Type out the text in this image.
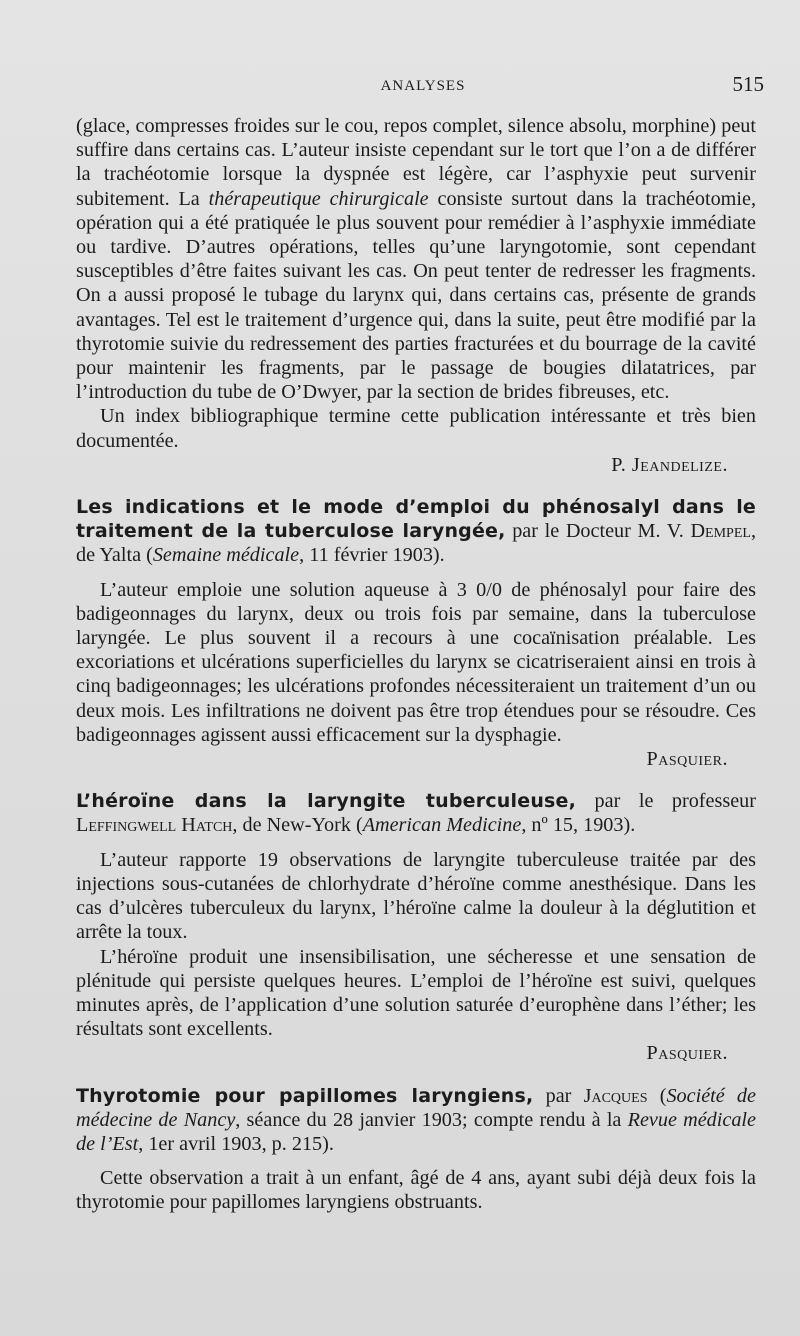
ANALYSES	515

(glace, compresses froides sur le cou, repos complet, silence absolu, morphine) peut suffire dans certains cas. L’auteur insiste cependant sur le tort que l’on a de différer la trachéotomie lorsque la dyspnée est légère, car l’asphyxie peut survenir subitement. La thérapeutique chirurgicale consiste surtout dans la trachéotomie, opération qui a été pratiquée le plus souvent pour remédier à l’asphyxie immédiate ou tardive. D’autres opérations, telles qu’une laryngotomie, sont cependant susceptibles d’être faites suivant les cas. On peut tenter de redresser les fragments. On a aussi proposé le tubage du larynx qui, dans certains cas, présente de grands avantages. Tel est le traitement d’urgence qui, dans la suite, peut être modifié par la thyrotomie suivie du redressement des parties fracturées et du bourrage de la cavité pour maintenir les fragments, par le passage de bougies dilatatrices, par l’introduction du tube de O’Dwyer, par la section de brides fibreuses, etc.

Un index bibliographique termine cette publication intéressante et très bien documentée.

P. Jeandelize.

Les indications et le mode d’emploi du phénosalyl dans le traitement de la tuberculose laryngée, par le Docteur M. V. Dempel, de Yalta (Semaine médicale, 11 février 1903).

L’auteur emploie une solution aqueuse à 3 0/0 de phénosalyl pour faire des badigeonnages du larynx, deux ou trois fois par semaine, dans la tuberculose laryngée. Le plus souvent il a recours à une cocaïnisation préalable. Les excoriations et ulcérations superficielles du larynx se cicatriseraient ainsi en trois à cinq badigeonnages; les ulcérations profondes nécessiteraient un traitement d’un ou deux mois. Les infiltrations ne doivent pas être trop étendues pour se résoudre. Ces badigeonnages agissent aussi efficacement sur la dysphagie.

Pasquier.

L’héroïne dans la laryngite tuberculeuse, par le professeur Leffingwell Hatch, de New-York (American Medicine, nº 15, 1903).

L’auteur rapporte 19 observations de laryngite tuberculeuse traitée par des injections sous-cutanées de chlorhydrate d’héroïne comme anesthésique. Dans les cas d’ulcères tuberculeux du larynx, l’héroïne calme la douleur à la déglutition et arrête la toux.

L’héroïne produit une insensibilisation, une sécheresse et une sensation de plénitude qui persiste quelques heures. L’emploi de l’héroïne est suivi, quelques minutes après, de l’application d’une solution saturée d’europhène dans l’éther; les résultats sont excellents.

Pasquier.

Thyrotomie pour papillomes laryngiens, par Jacques (Société de médecine de Nancy, séance du 28 janvier 1903; compte rendu à la Revue médicale de l’Est, 1er avril 1903, p. 215).

Cette observation a trait à un enfant, âgé de 4 ans, ayant subi déjà deux fois la thyrotomie pour papillomes laryngiens obstruants.
